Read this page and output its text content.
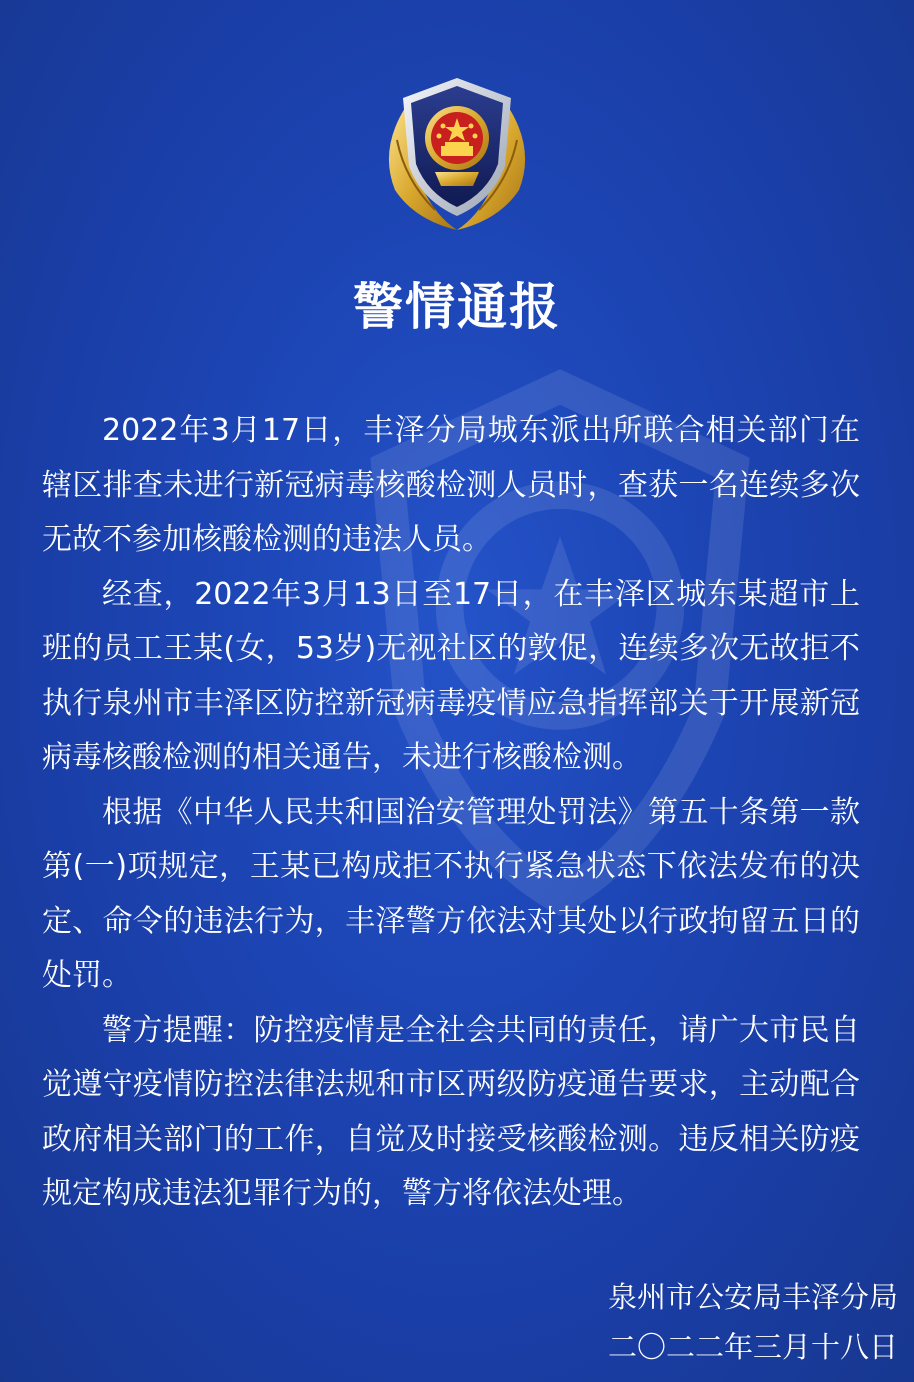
警情通报

2022年3月17日，丰泽分局城东派出所联合相关部门在辖区排查未进行新冠病毒核酸检测人员时，查获一名连续多次无故不参加核酸检测的违法人员。

经查，2022年3月13日至17日，在丰泽区城东某超市上班的员工王某(女，53岁)无视社区的敦促，连续多次无故拒不执行泉州市丰泽区防控新冠病毒疫情应急指挥部关于开展新冠病毒核酸检测的相关通告，未进行核酸检测。

根据《中华人民共和国治安管理处罚法》第五十条第一款第(一)项规定，王某已构成拒不执行紧急状态下依法发布的决定、命令的违法行为，丰泽警方依法对其处以行政拘留五日的处罚。

警方提醒：防控疫情是全社会共同的责任，请广大市民自觉遵守疫情防控法律法规和市区两级防疫通告要求，主动配合政府相关部门的工作，自觉及时接受核酸检测。违反相关防疫规定构成违法犯罪行为的，警方将依法处理。

泉州市公安局丰泽分局
二〇二二年三月十八日
